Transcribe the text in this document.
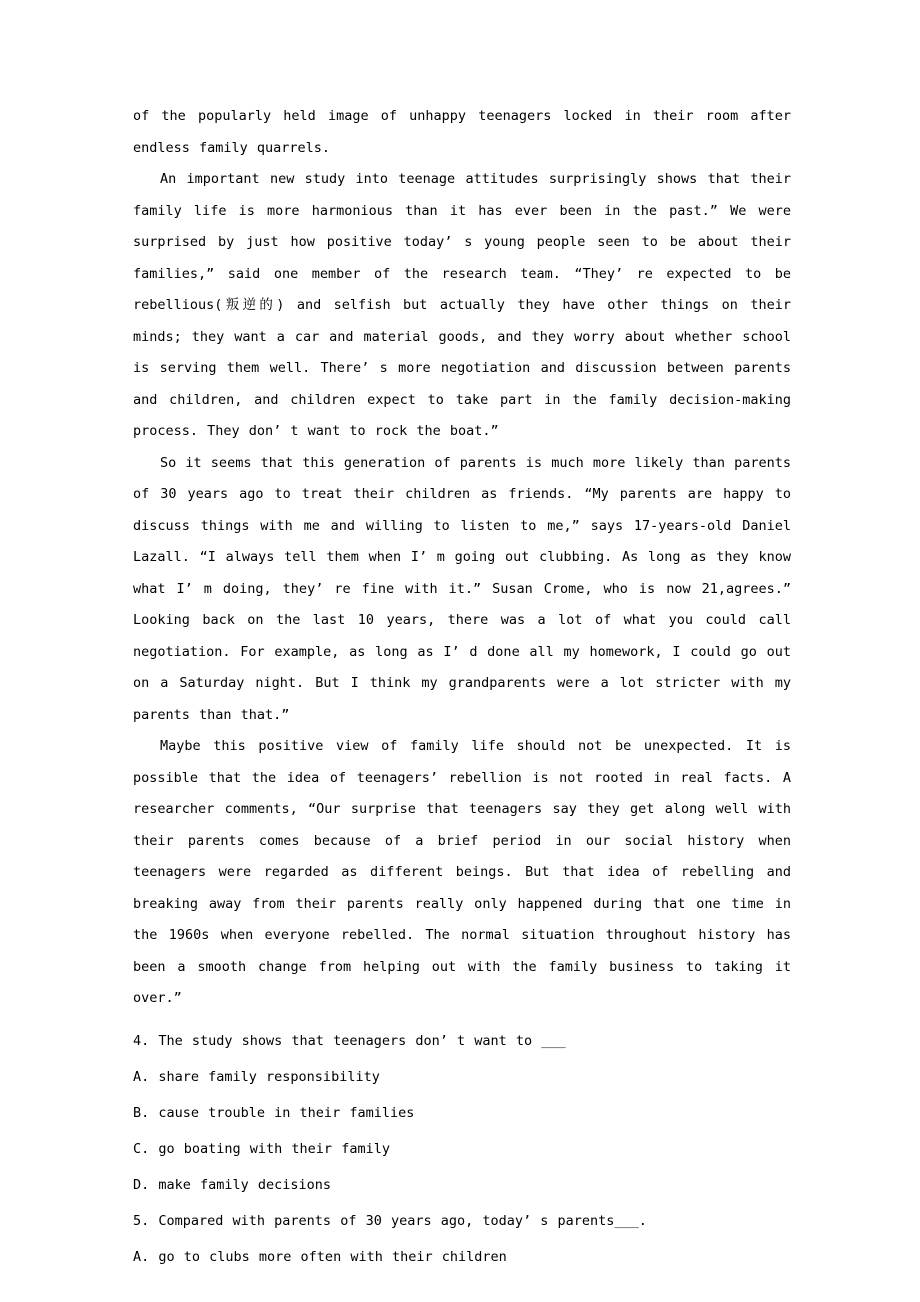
of the popularly held image of unhappy teenagers locked in their room after endless family quarrels.

An important new study into teenage attitudes surprisingly shows that their family life is more harmonious than it has ever been in the past.” We were surprised by just how positive today’ s young people seen to be about their families,” said one member of the research team. “They’ re expected to be rebellious(叛逆的) and selfish but actually they have other things on their minds; they want a car and material goods, and they worry about whether school is serving them well. There’ s more negotiation and discussion between parents and children, and children expect to take part in the family decision-making process. They don’ t want to rock the boat.”

So it seems that this generation of parents is much more likely than parents of 30 years ago to treat their children as friends. “My parents are happy to discuss things with me and willing to listen to me,” says 17-years-old Daniel Lazall. “I always tell them when I’ m going out clubbing. As long as they know what I’ m doing, they’ re fine with it.” Susan Crome, who is now 21,agrees.” Looking back on the last 10 years, there was a lot of what you could call negotiation. For example, as long as I’ d done all my homework, I could go out on a Saturday night. But I think my grandparents were a lot stricter with my parents than that.”

Maybe this positive view of family life should not be unexpected. It is possible that the idea of teenagers’ rebellion is not rooted in real facts. A researcher comments, “Our surprise that teenagers say they get along well with their parents comes because of a brief period in our social history when teenagers were regarded as different beings. But that idea of rebelling and breaking away from their parents really only happened during that one time in the 1960s when everyone rebelled. The normal situation throughout history has been a smooth change from helping out with the family business to taking it over.”

4. The study shows that teenagers don’ t want to ___

A. share family responsibility

B. cause trouble in their families

C. go boating with their family

D. make family decisions

5. Compared with parents of 30 years ago, today’ s parents___.

A. go to clubs more often with their children
